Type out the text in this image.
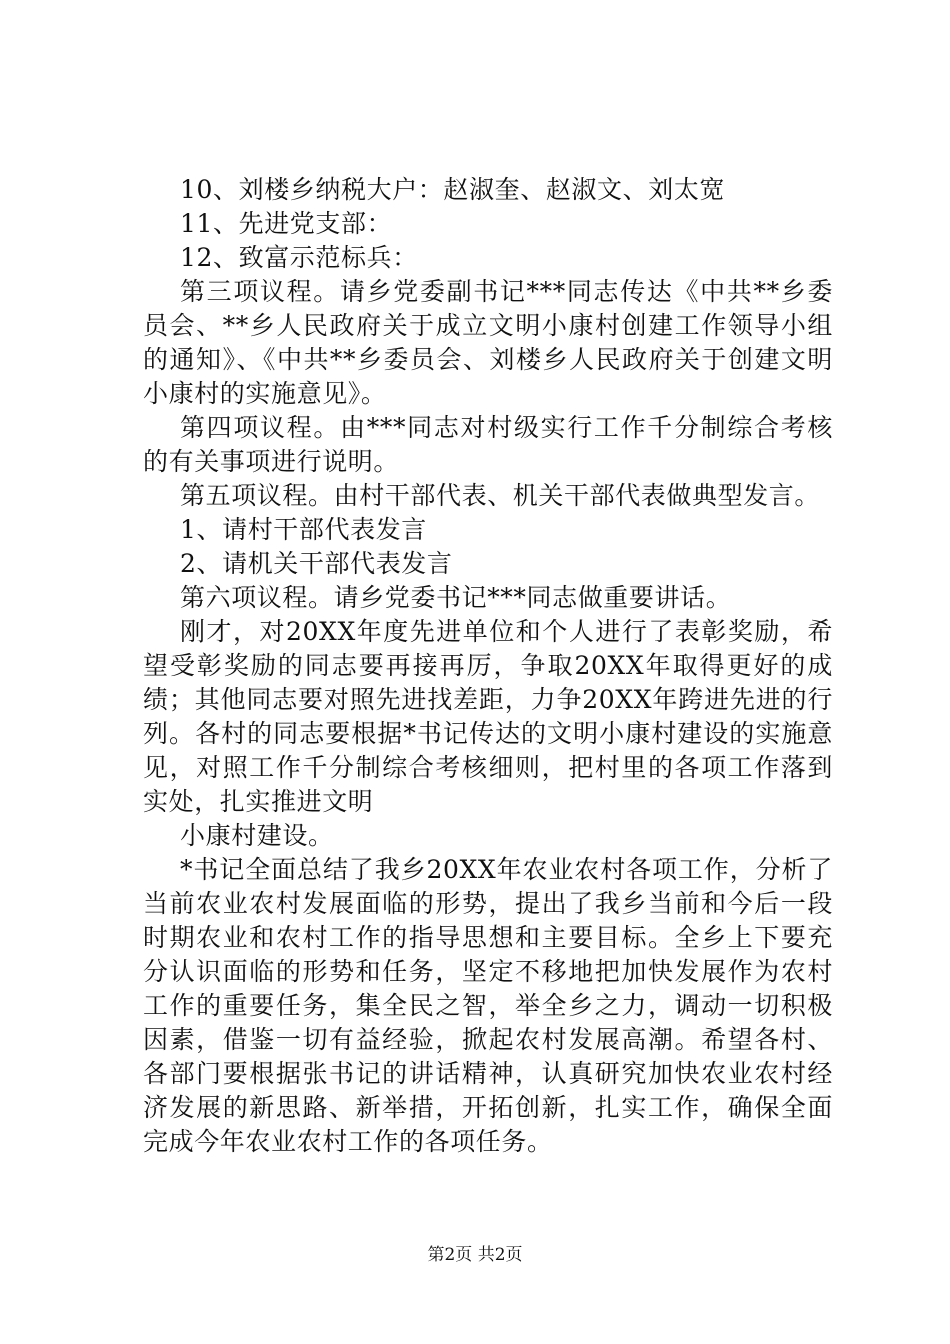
10、刘楼乡纳税大户：赵淑奎、赵淑文、刘太宽

11、先进党支部：

12、致富示范标兵：

第三项议程。请乡党委副书记***同志传达《中共**乡委员会、**乡人民政府关于成立文明小康村创建工作领导小组的通知》、《中共**乡委员会、刘楼乡人民政府关于创建文明小康村的实施意见》。

第四项议程。由***同志对村级实行工作千分制综合考核的有关事项进行说明。

第五项议程。由村干部代表、机关干部代表做典型发言。

1、请村干部代表发言

2、请机关干部代表发言

第六项议程。请乡党委书记***同志做重要讲话。

刚才，对20XX年度先进单位和个人进行了表彰奖励，希望受彰奖励的同志要再接再厉，争取20XX年取得更好的成绩；其他同志要对照先进找差距，力争20XX年跨进先进的行列。各村的同志要根据*书记传达的文明小康村建设的实施意见，对照工作千分制综合考核细则，把村里的各项工作落到实处，扎实推进文明

小康村建设。

*书记全面总结了我乡20XX年农业农村各项工作，分析了当前农业农村发展面临的形势，提出了我乡当前和今后一段时期农业和农村工作的指导思想和主要目标。全乡上下要充分认识面临的形势和任务，坚定不移地把加快发展作为农村工作的重要任务，集全民之智，举全乡之力，调动一切积极因素，借鉴一切有益经验，掀起农村发展高潮。希望各村、各部门要根据张书记的讲话精神，认真研究加快农业农村经济发展的新思路、新举措，开拓创新，扎实工作，确保全面完成今年农业农村工作的各项任务。

第2页 共2页
